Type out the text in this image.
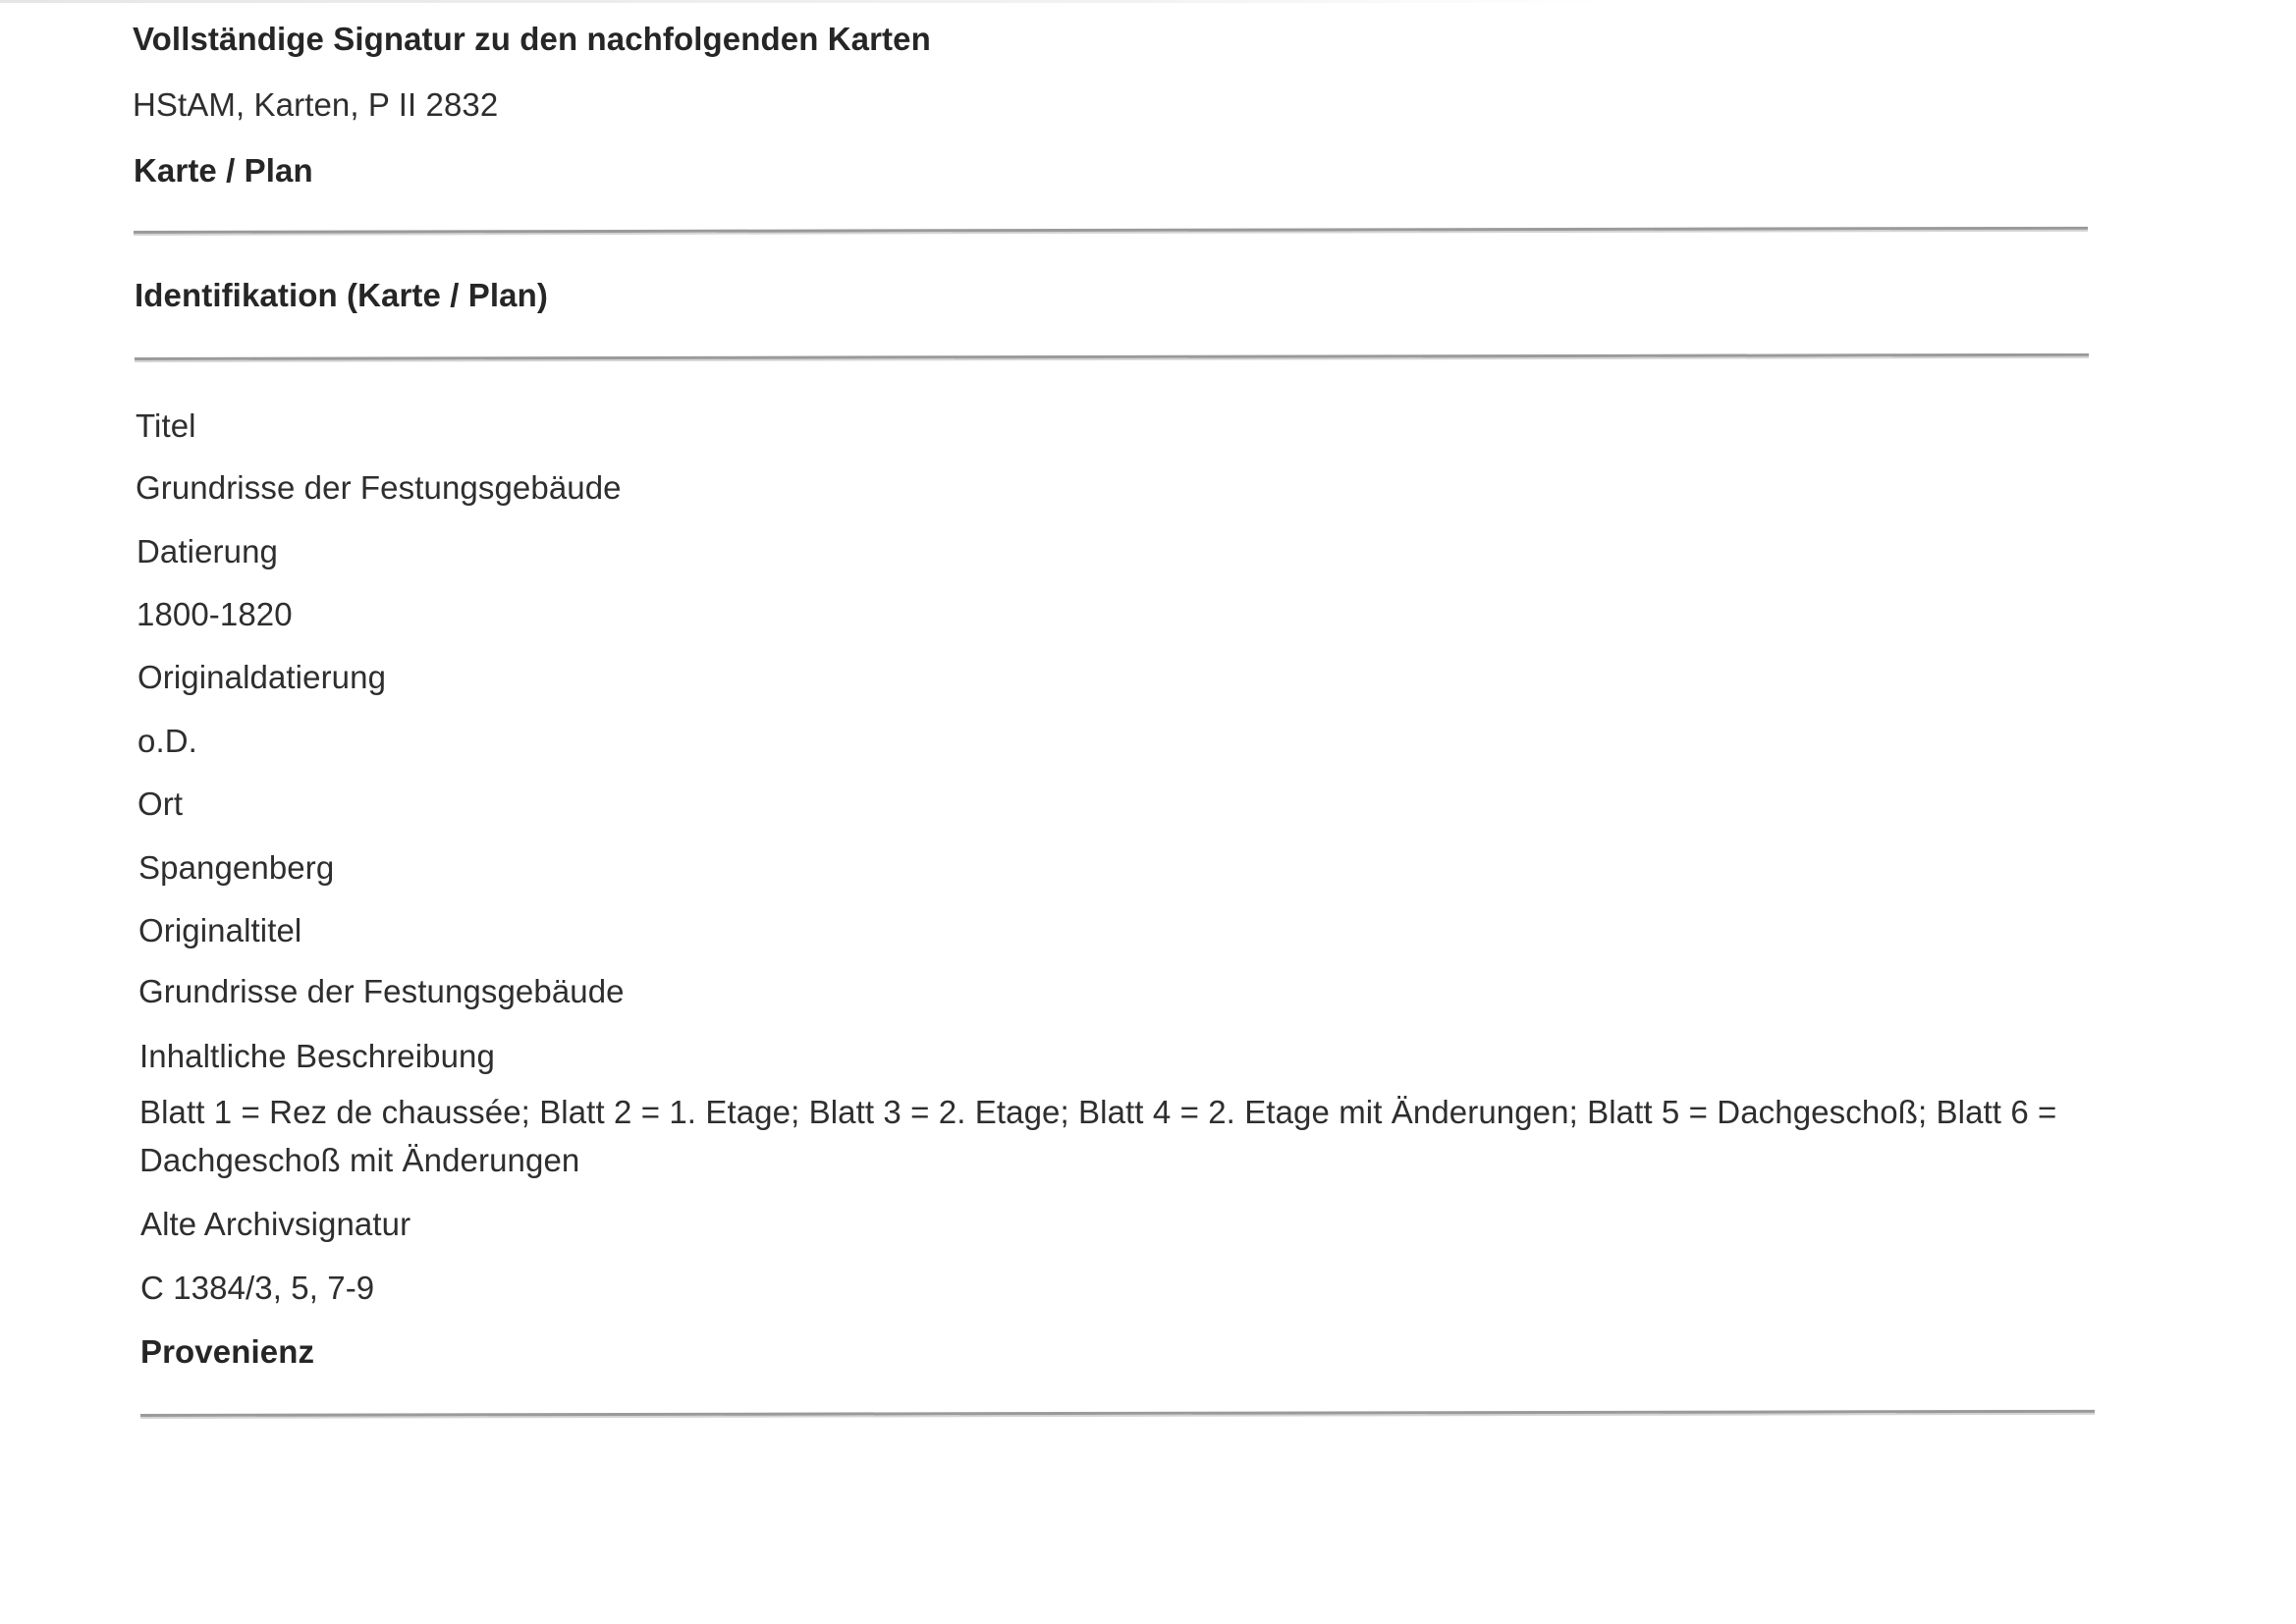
Vollständige Signatur zu den nachfolgenden Karten
HStAM, Karten, P II 2832
Karte / Plan
Identifikation (Karte / Plan)
Titel
Grundrisse der Festungsgebäude
Datierung
1800-1820
Originaldatierung
o.D.
Ort
Spangenberg
Originaltitel
Grundrisse der Festungsgebäude
Inhaltliche Beschreibung
Blatt 1 = Rez de chaussée; Blatt 2 = 1. Etage; Blatt 3 = 2. Etage; Blatt 4 = 2. Etage mit Änderungen; Blatt 5 = Dachgeschoß; Blatt 6 = Dachgeschoß mit Änderungen
Alte Archivsignatur
C 1384/3, 5, 7-9
Provenienz
